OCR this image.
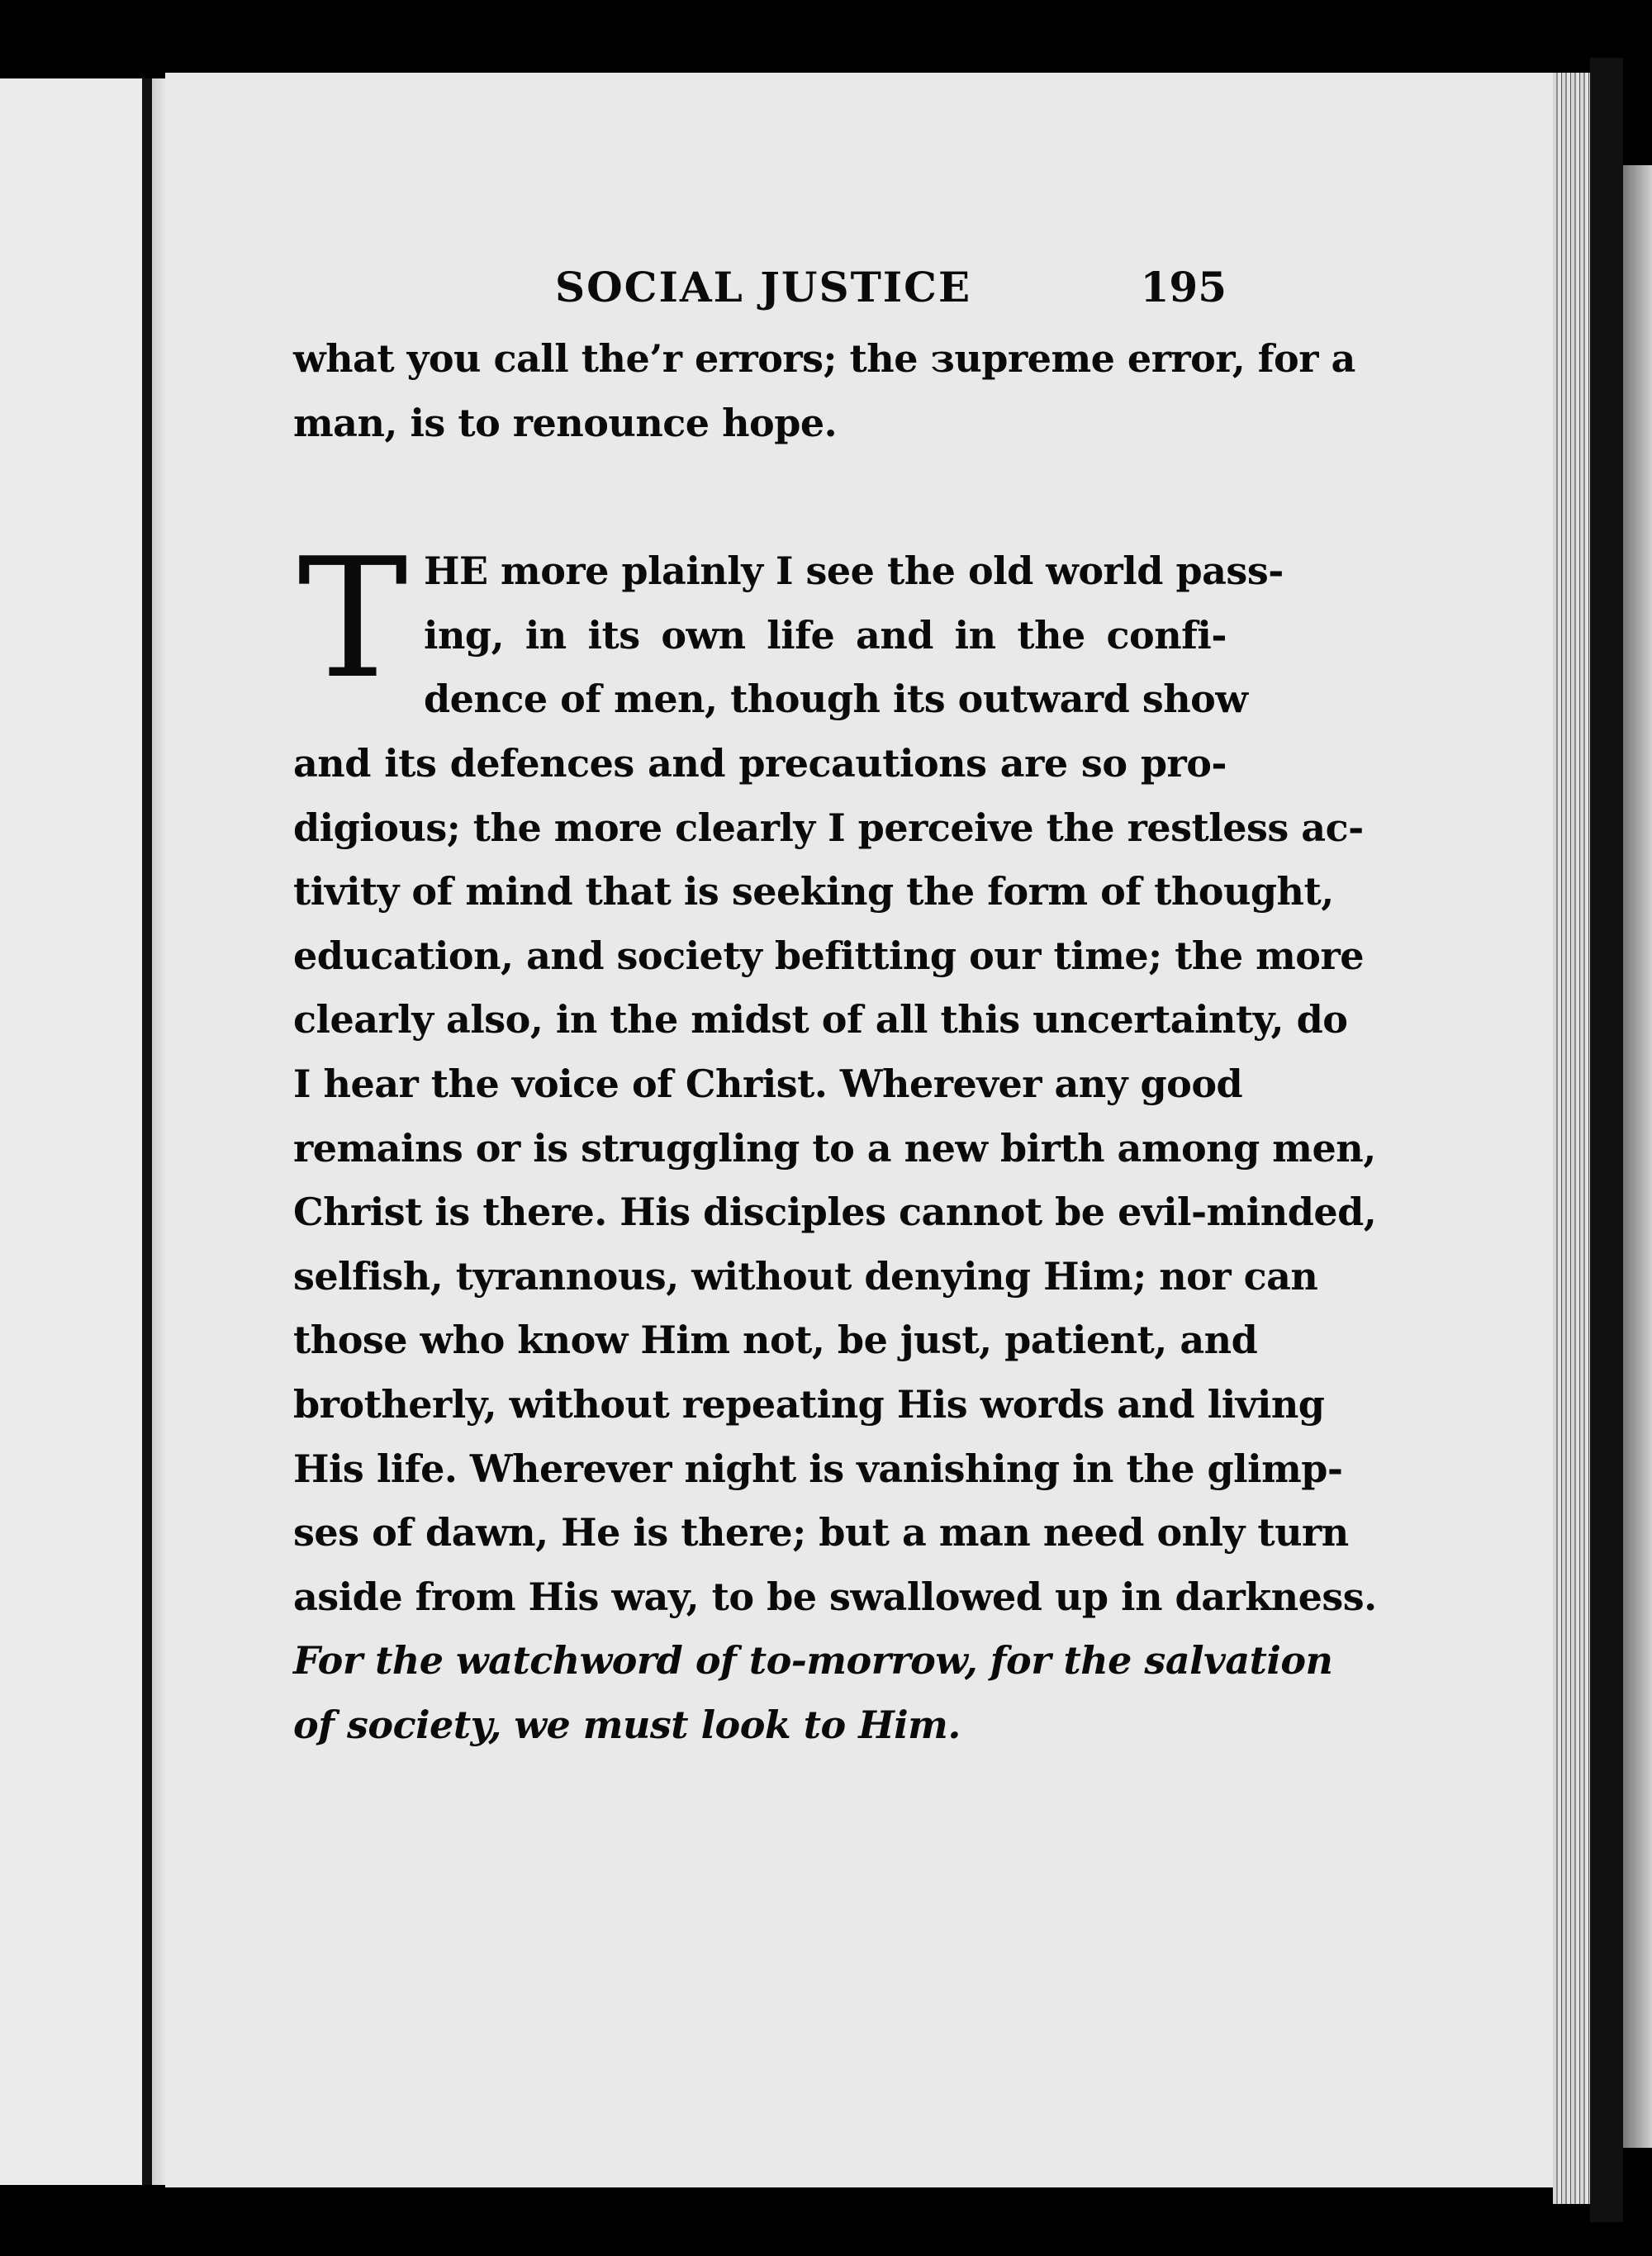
SOCIAL JUSTICE	195
what you call the’r errors; the зupreme error, for a
man, is to renounce hope.
T HE more plainly I see the old world pass-
ing, in its own life and in the confi-
dence of men, though its outward show
and its defences and precautions are so pro-
digious; the more clearly I perceive the restless ac-
tivity of mind that is seeking the form of thought,
education, and society befitting our time; the more
clearly also, in the midst of all this uncertainty, do
I hear the voice of Christ. Wherever any good
remains or is struggling to a new birth among men,
Christ is there. His disciples cannot be evil-minded,
selfish, tyrannous, without denying Him; nor can
those who know Him not, be just, patient, and
brotherly, without repeating His words and living
His life. Wherever night is vanishing in the glimp-
ses of dawn, He is there; but a man need only turn
aside from His way, to be swallowed up in darkness.
For the watchword of to-morrow, for the salvation
of society, we must look to Him.
